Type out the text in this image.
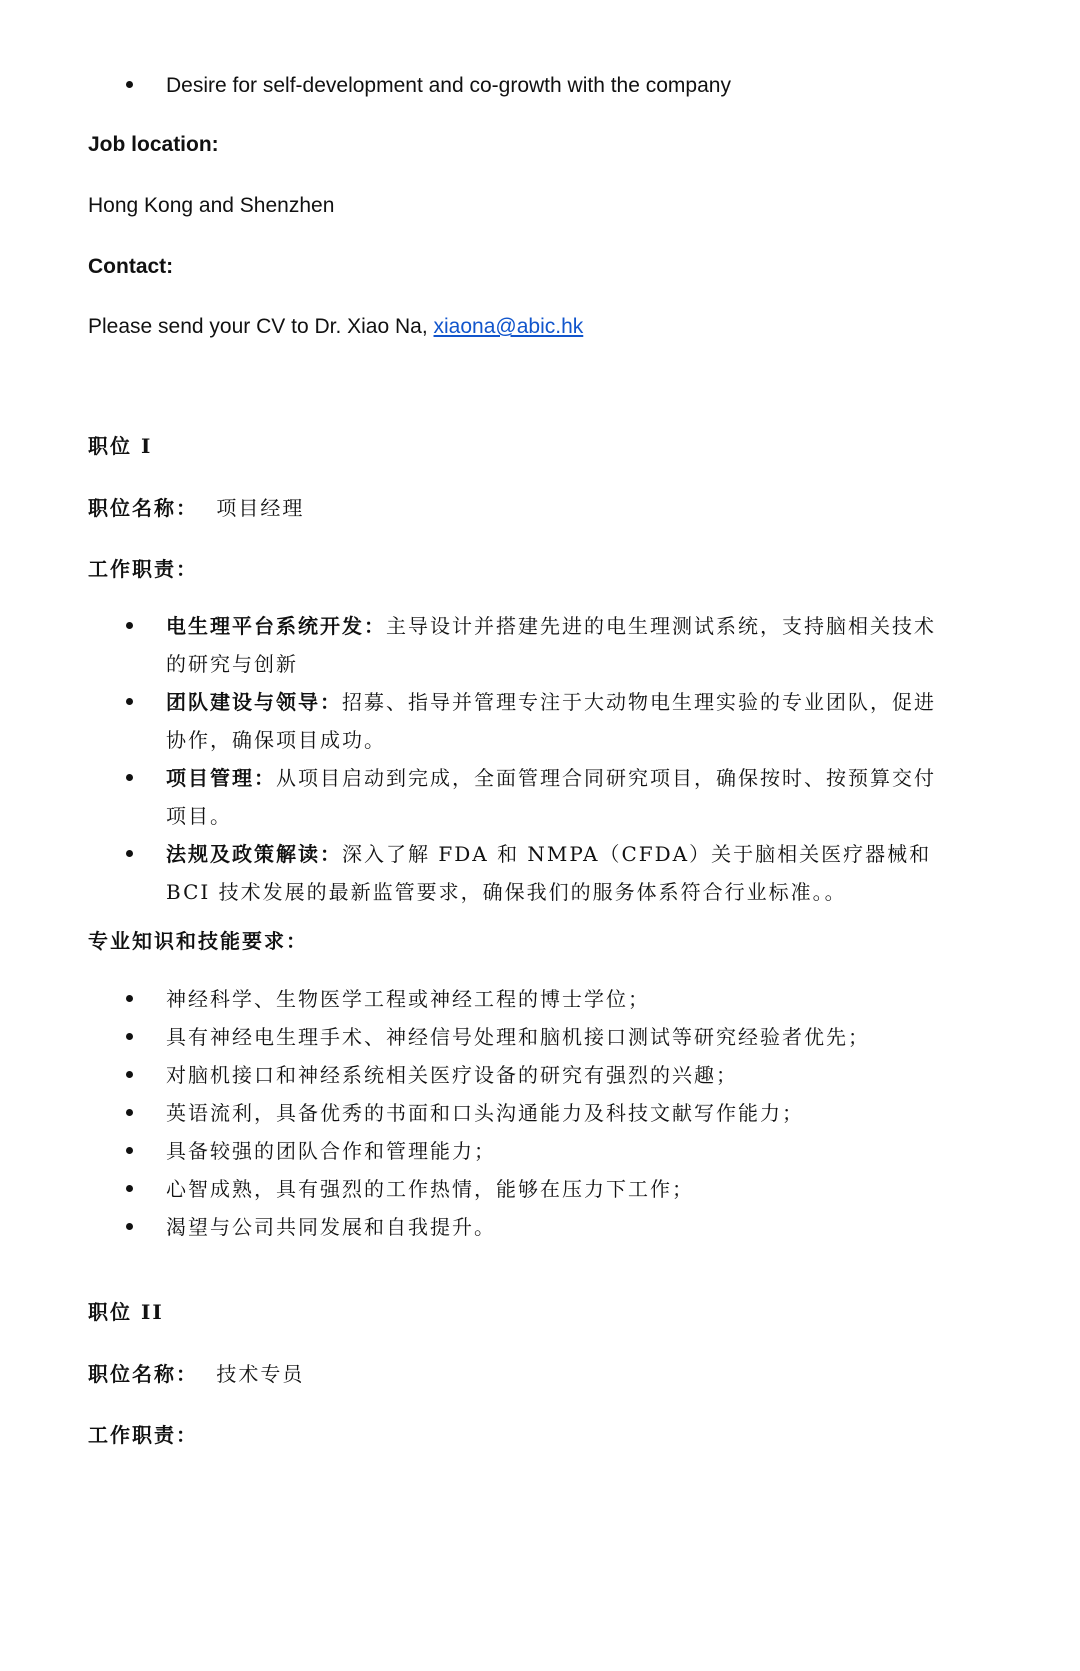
Desire for self-development and co-growth with the company
Job location:
Hong Kong and Shenzhen
Contact:
Please send your CV to Dr. Xiao Na, xiaona@abic.hk
职位 I
职位名称： 项目经理
工作职责：
电生理平台系统开发：主导设计并搭建先进的电生理测试系统，支持脑相关技术的研究与创新
团队建设与领导：招募、指导并管理专注于大动物电生理实验的专业团队，促进协作，确保项目成功。
项目管理：从项目启动到完成，全面管理合同研究项目，确保按时、按预算交付项目。
法规及政策解读：深入了解 FDA 和 NMPA（CFDA）关于脑相关医疗器械和 BCI 技术发展的最新监管要求，确保我们的服务体系符合行业标准。。
专业知识和技能要求：
神经科学、生物医学工程或神经工程的博士学位；
具有神经电生理手术、神经信号处理和脑机接口测试等研究经验者优先；
对脑机接口和神经系统相关医疗设备的研究有强烈的兴趣；
英语流利，具备优秀的书面和口头沟通能力及科技文献写作能力；
具备较强的团队合作和管理能力；
心智成熟，具有强烈的工作热情，能够在压力下工作；
渴望与公司共同发展和自我提升。
职位 II
职位名称： 技术专员
工作职责：
